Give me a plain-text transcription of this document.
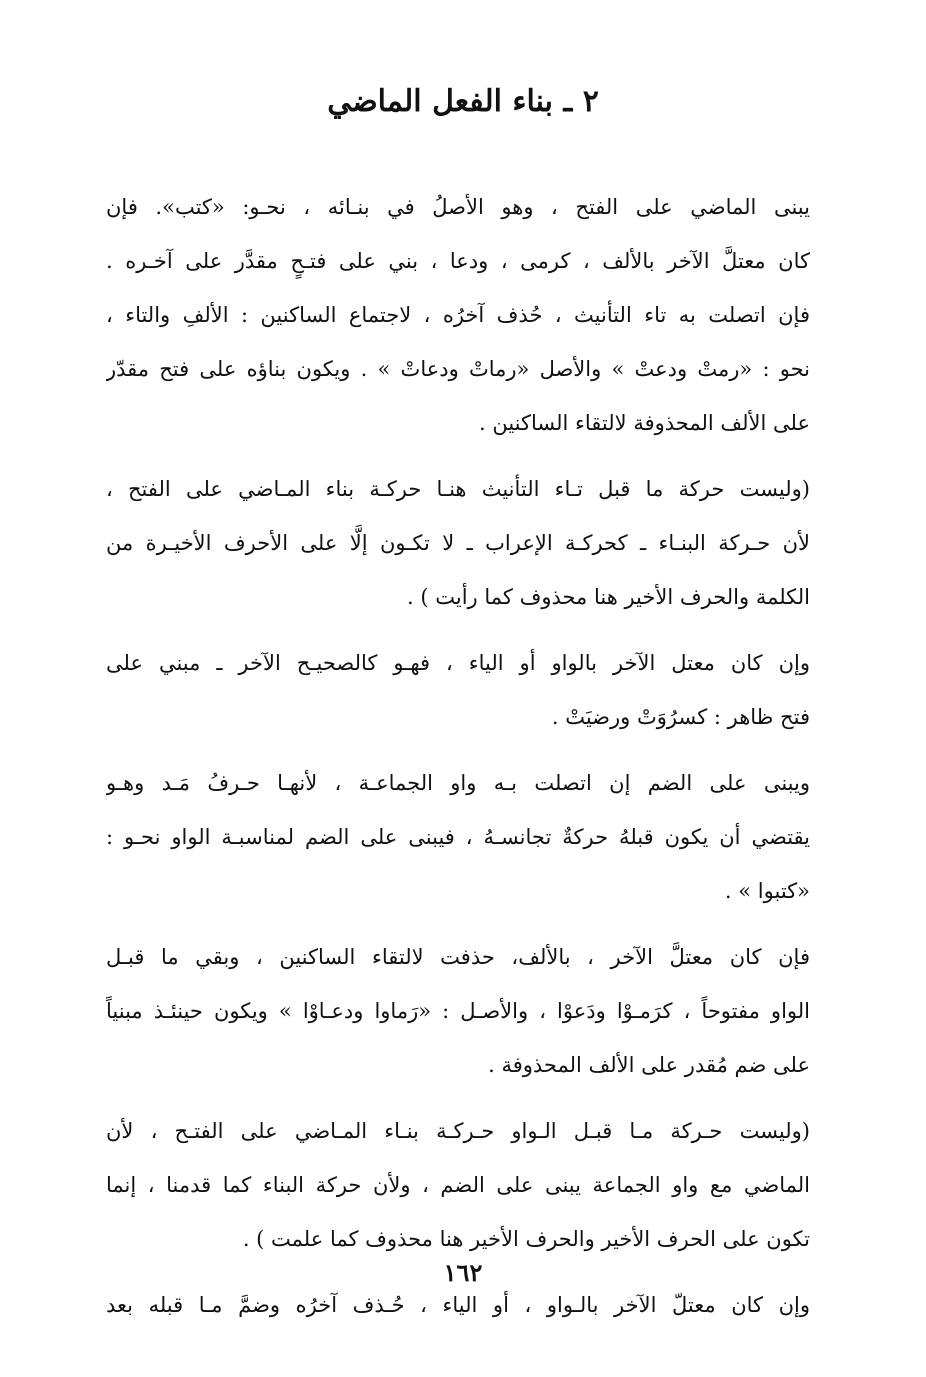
٢ ـ بناء الفعل الماضي
يبنى الماضي على الفتح ، وهو الأصلُ في بنـائه ، نحـو: «كتب». فإن
كان معتلَّ الآخر بالألف ، كرمى ، ودعا ، بني على فتـحٍ مقدَّر على آخـره .
فإن اتصلت به تاء التأنيث ، حُذف آخرُه ، لاجتماع الساكنين : الألفِ والتاء ،
نحو : «رمتْ ودعتْ » والأصل «رماتْ ودعاتْ » . ويكون بناؤه على فتح مقدّر
على الألف المحذوفة لالتقاء الساكنين .
(وليست حركة ما قبل تـاء التأنيث هنـا حركـة بناء المـاضي على الفتح ،
لأن حـركة البنـاء ـ كحركـة الإعراب ـ لا تكـون إلَّا على الأحرف الأخيـرة من
الكلمة والحرف الأخير هنا محذوف كما رأيت ) .
وإن كان معتل الآخر بالواو أو الياء ، فهـو كالصحيـح الآخر ـ مبني على
فتح ظاهر : كسرُوَتْ ورضيَتْ .
ويبنى على الضم إن اتصلت بـه واو الجماعـة ، لأنهـا حـرفُ مَـد وهـو
يقتضي أن يكون قبلهُ حركةٌ تجانسـهُ ، فيبنى على الضم لمناسبـة الواو نحـو :
«كتبوا » .
فإن كان معتلَّ الآخر ، بالألف، حذفت لالتقاء الساكنين ، وبقي ما قبـل
الواو مفتوحاً ، كرَمـوْا ودَعوْا ، والأصـل : «رَماوا ودعـاوْا » ويكون حينئـذ مبنياً
على ضم مُقدر على الألف المحذوفة .
(وليست حـركة مـا قبـل الـواو حـركـة بنـاء المـاضي على الفتـح ، لأن
الماضي مع واو الجماعة يبنى على الضم ، ولأن حركة البناء كما قدمنا ، إنما
تكون على الحرف الأخير والحرف الأخير هنا محذوف كما علمت ) .
وإن كان معتلّ الآخر بالـواو ، أو الياء ، حُـذف آخرُه وضمَّ مـا قبله بعد
١٦٢
